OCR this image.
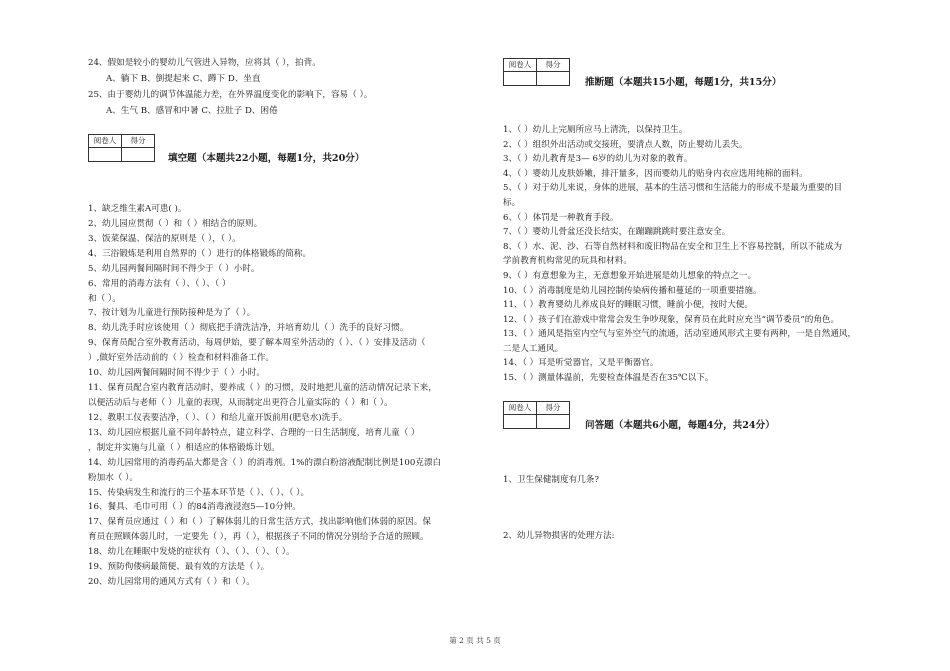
24、假如是较小的婴幼儿气管进入异物，应将其（ ），拍背。
A、躺下 B、倒提起来 C、蹲下 D、坐直
25、由于婴幼儿的调节体温能力差，在外界温度变化的影响下，容易（ ）。
A、生气 B、感冒和中暑 C、拉肚子 D、困倦
阅卷人	得分
填空题（本题共22小题，每题1分，共20分）
1、缺乏维生素A可患( )。
2、幼儿园应贯彻（ ）和（ ）相结合的原则。
3、饭菜保温、保洁的原则是（ ），（ ）。
4、三浴锻炼是利用自然界的（ ）进行的体格锻炼的简称。
5、幼儿园两餐间隔时间不得少于（ ）小时。
6、常用的消毒方法有（ ）、（ ）、（ ）
和（ ）。
7、按计划为儿童进行预防接种是为了（ ）。
8、幼儿洗手时应该使用（ ）彻底把手清洗洁净，并培育幼儿（ ）洗手的良好习惯。
9、保育员配合室外教育活动，每周伊始，要了解本周室外活动的（ ）、（ ）安排及活动（
）,做好室外活动前的（ ）检查和材料准备工作。
10、幼儿园两餐间隔时间不得少于（ ）小时。
11、保育员配合室内教育活动时，要养成（ ）的习惯，及时地把儿童的活动情况记录下来，
以便活动后与老师（ ）儿童的表现，从而制定出更符合儿童实际的（ ）和（ ）。
12、教职工仪表要洁净，（ ）、（ ）和给儿童开饭前用(肥皂水)洗手。
13、幼儿园应根据儿童不同年龄特点，建立科学、合理的一日生活制度，培育儿童（ ）
，制定并实施与儿童（ ）相适应的体格锻炼计划。
14、幼儿园常用的消毒药品大都是含（ ）的消毒剂。1%的漂白粉溶液配制比例是100克漂白
粉加水（ ）。
15、传染病发生和流行的三个基本环节是（ ）、（ ）、（ ）。
16、餐具、毛巾可用（ ）的84消毒液浸泡5—10分钟。
17、保育员应通过（ ）和（ ）了解体弱儿的日常生活方式，找出影响他们体弱的原因。保
育员在照顾体弱儿时，一定要先（ ），再（ ），根据孩子不同的情况分别给予合适的照顾。
18、幼儿在睡眠中发烧的症状有（ ）、（ ）、（ ）、（ ）。
19、预防佝偻病最简便、最有效的方法是（ ）。
20、幼儿园常用的通风方式有（ ）和（ ）。
阅卷人	得分
推断题（本题共15小题，每题1分，共15分）
1、（ ）幼儿上完厕所应马上清洗，以保持卫生。
2、（ ）组织外出活动或交接班，要清点人数，防止婴幼儿丢失。
3、（ ）幼儿教育是3— 6岁的幼儿为对象的教育。
4、（ ）婴幼儿皮肤娇嫩，排汗量多，因而婴幼儿的贴身内衣应选用纯棉的面料。
5、（ ）对于幼儿来说，身体的进展，基本的生活习惯和生活能力的形成不是最为重要的目
标。
6、（ ）体罚是一种教育手段。
7、（ ）婴幼儿骨盆还没长结实，在蹦蹦跳跳时要注意安全。
8、（ ）水、泥、沙、石等自然材料和废旧物品在安全和卫生上不容易控制，所以不能成为
学前教育机构常见的玩具和材料。
9、（ ）有意想象为主，无意想象开始进展是幼儿想象的特点之一。
10、（ ）消毒制度是幼儿园控制传染病传播和蔓延的一项重要措施。
11、（ ）教育婴幼儿养成良好的睡眠习惯，睡前小便，按时大便。
12、（ ）孩子们在游戏中常常会发生争吵现象，保育员在此时应充当“调节委员”的角色。
13、（ ）通风是指室内空气与室外空气的流通，活动室通风形式主要有两种，一是自然通风，
二是人工通风。
14、（ ）耳是听觉器官，又是平衡器官。
15、（ ）测量体温前，先要检查体温是否在35℃以下。
阅卷人	得分
问答题（本题共6小题，每题4分，共24分）
1、卫生保健制度有几条?
2、幼儿异物损害的处理方法:
第 2 页 共 5 页
